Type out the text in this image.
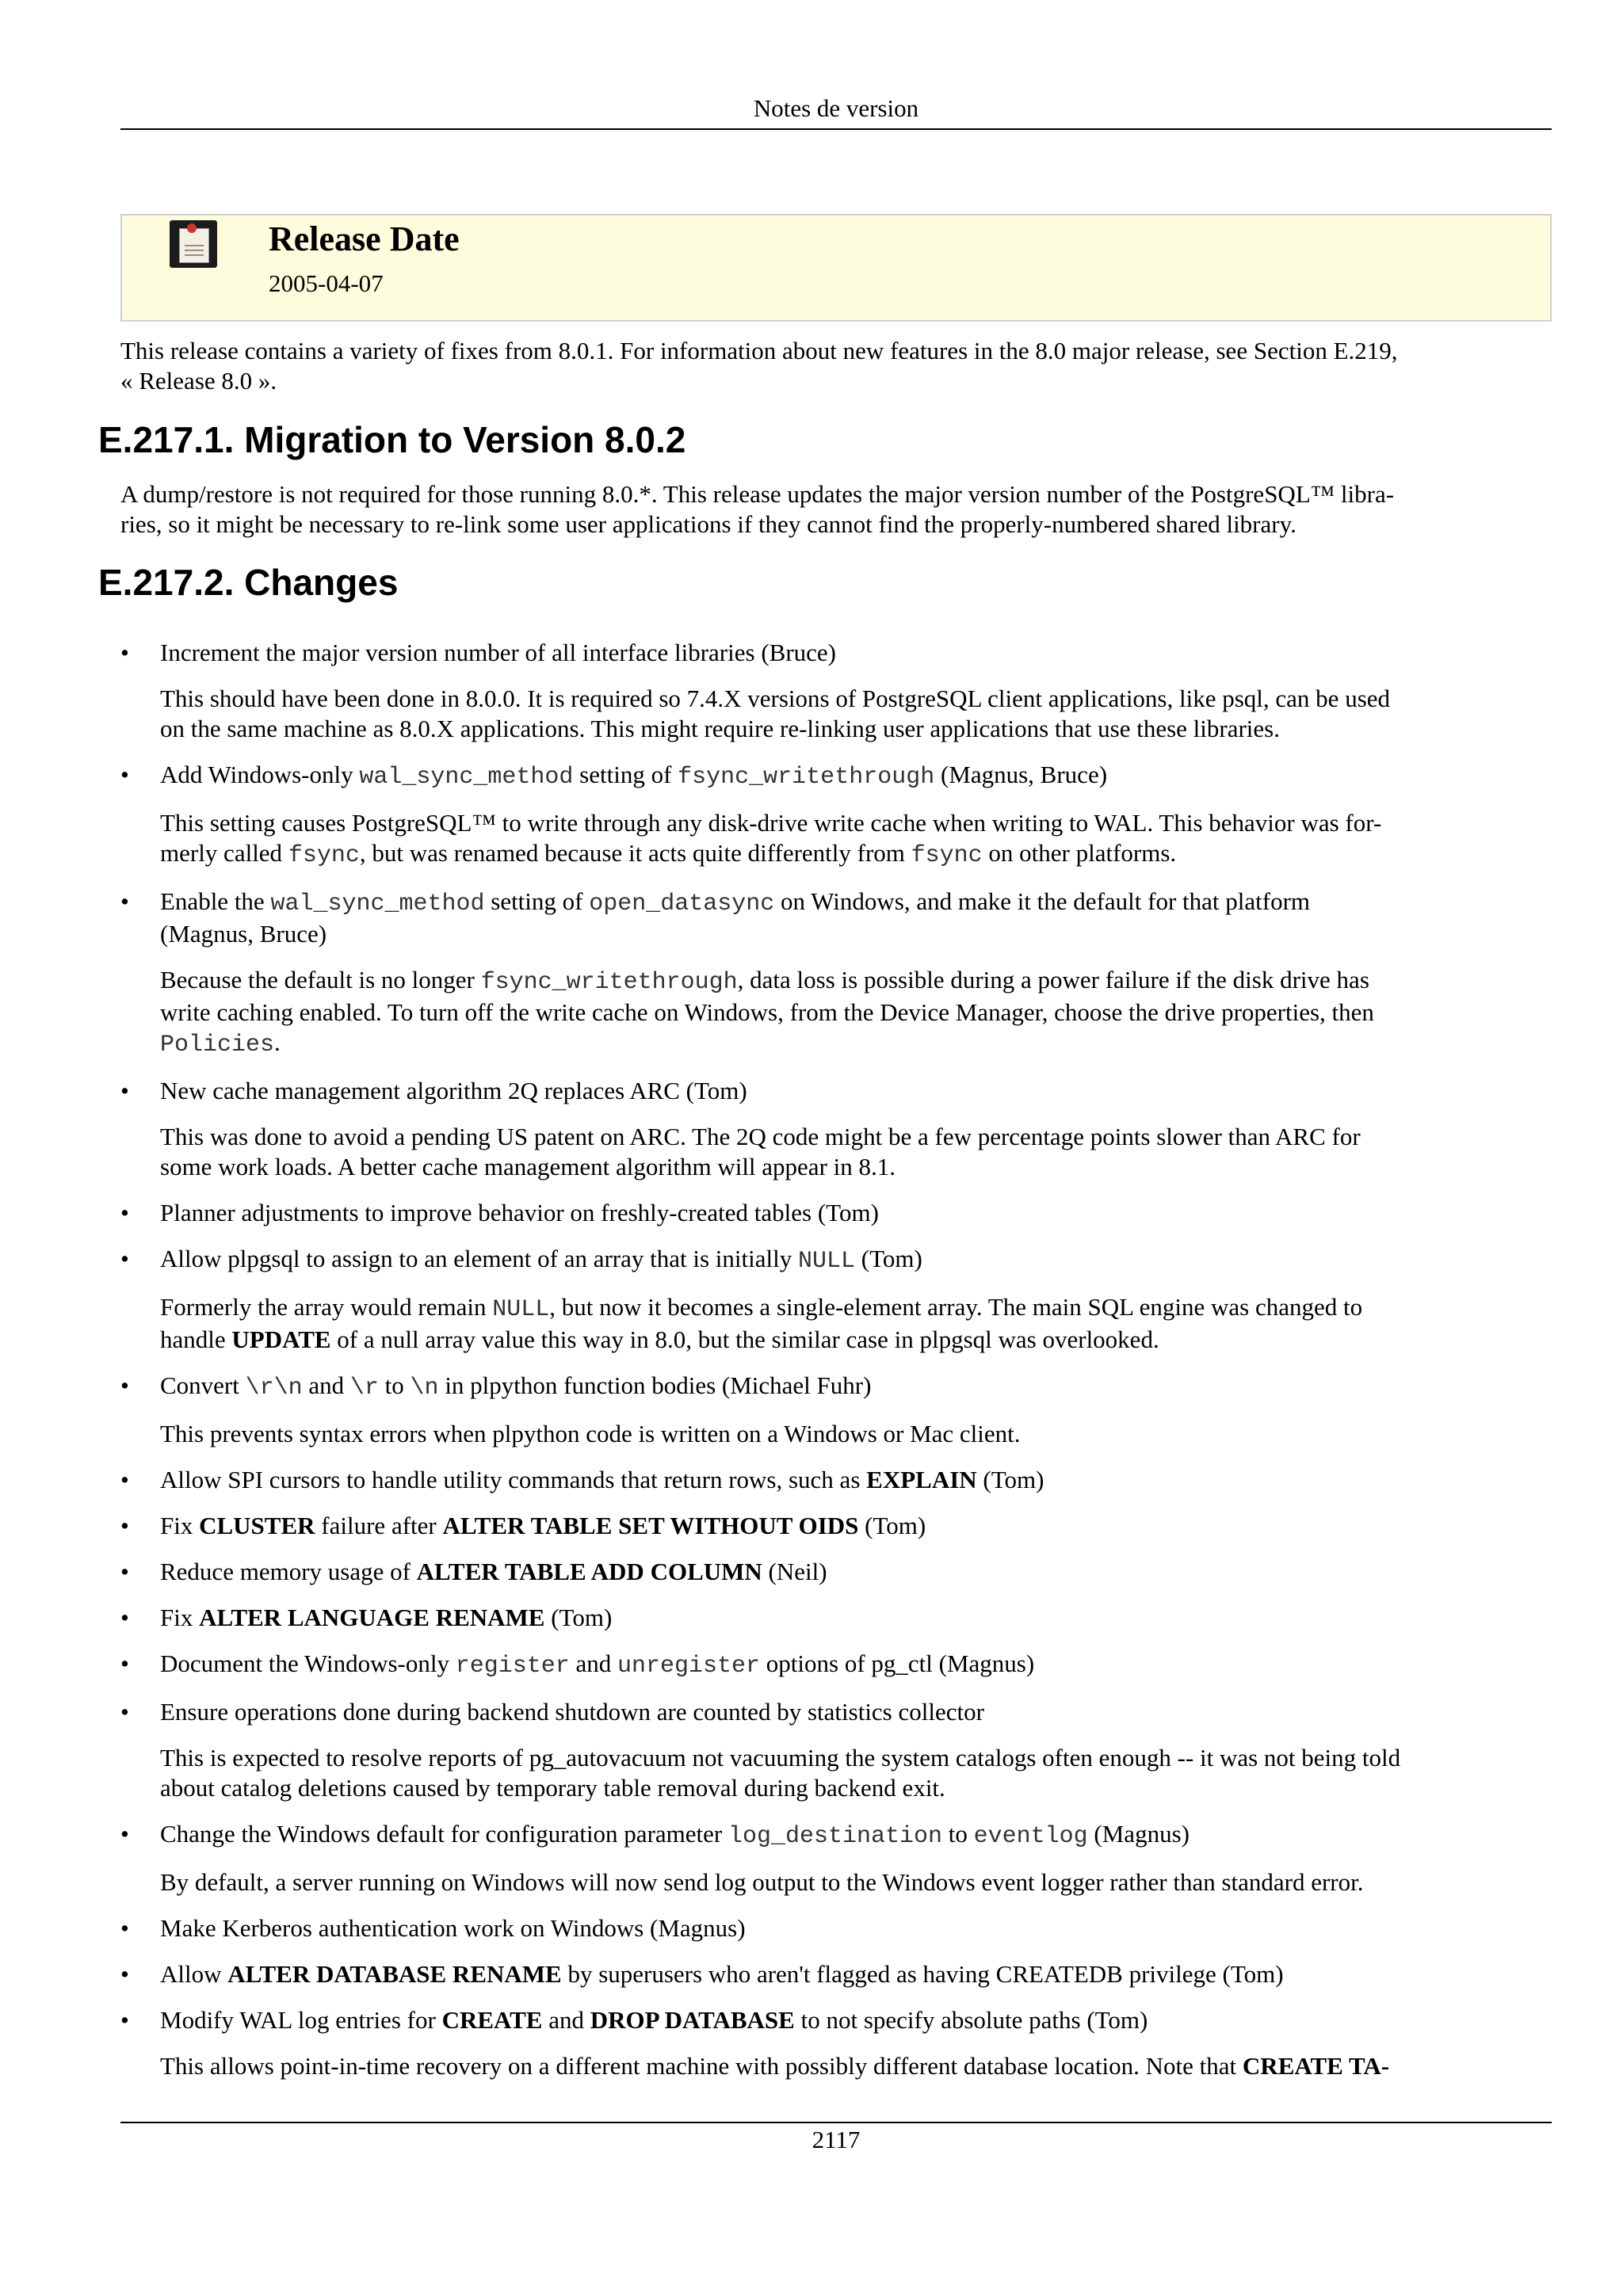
Notes de version
Release Date
2005-04-07
This release contains a variety of fixes from 8.0.1. For information about new features in the 8.0 major release, see Section E.219,
« Release 8.0 ».
E.217.1. Migration to Version 8.0.2
A dump/restore is not required for those running 8.0.*. This release updates the major version number of the PostgreSQL™ libra-
ries, so it might be necessary to re-link some user applications if they cannot find the properly-numbered shared library.
E.217.2. Changes
•	Increment the major version number of all interface libraries (Bruce)
This should have been done in 8.0.0. It is required so 7.4.X versions of PostgreSQL client applications, like psql, can be used
on the same machine as 8.0.X applications. This might require re-linking user applications that use these libraries.
•	Add Windows-only wal_sync_method setting of fsync_writethrough (Magnus, Bruce)
This setting causes PostgreSQL™ to write through any disk-drive write cache when writing to WAL. This behavior was for-
merly called fsync, but was renamed because it acts quite differently from fsync on other platforms.
•	Enable the wal_sync_method setting of open_datasync on Windows, and make it the default for that platform
(Magnus, Bruce)
Because the default is no longer fsync_writethrough, data loss is possible during a power failure if the disk drive has
write caching enabled. To turn off the write cache on Windows, from the Device Manager, choose the drive properties, then
Policies.
•	New cache management algorithm 2Q replaces ARC (Tom)
This was done to avoid a pending US patent on ARC. The 2Q code might be a few percentage points slower than ARC for
some work loads. A better cache management algorithm will appear in 8.1.
•	Planner adjustments to improve behavior on freshly-created tables (Tom)
•	Allow plpgsql to assign to an element of an array that is initially NULL (Tom)
Formerly the array would remain NULL, but now it becomes a single-element array. The main SQL engine was changed to
handle UPDATE of a null array value this way in 8.0, but the similar case in plpgsql was overlooked.
•	Convert \r\n and \r to \n in plpython function bodies (Michael Fuhr)
This prevents syntax errors when plpython code is written on a Windows or Mac client.
•	Allow SPI cursors to handle utility commands that return rows, such as EXPLAIN (Tom)
•	Fix CLUSTER failure after ALTER TABLE SET WITHOUT OIDS (Tom)
•	Reduce memory usage of ALTER TABLE ADD COLUMN (Neil)
•	Fix ALTER LANGUAGE RENAME (Tom)
•	Document the Windows-only register and unregister options of pg_ctl (Magnus)
•	Ensure operations done during backend shutdown are counted by statistics collector
This is expected to resolve reports of pg_autovacuum not vacuuming the system catalogs often enough -- it was not being told
about catalog deletions caused by temporary table removal during backend exit.
•	Change the Windows default for configuration parameter log_destination to eventlog (Magnus)
By default, a server running on Windows will now send log output to the Windows event logger rather than standard error.
•	Make Kerberos authentication work on Windows (Magnus)
•	Allow ALTER DATABASE RENAME by superusers who aren't flagged as having CREATEDB privilege (Tom)
•	Modify WAL log entries for CREATE and DROP DATABASE to not specify absolute paths (Tom)
This allows point-in-time recovery on a different machine with possibly different database location. Note that CREATE TA-
2117
